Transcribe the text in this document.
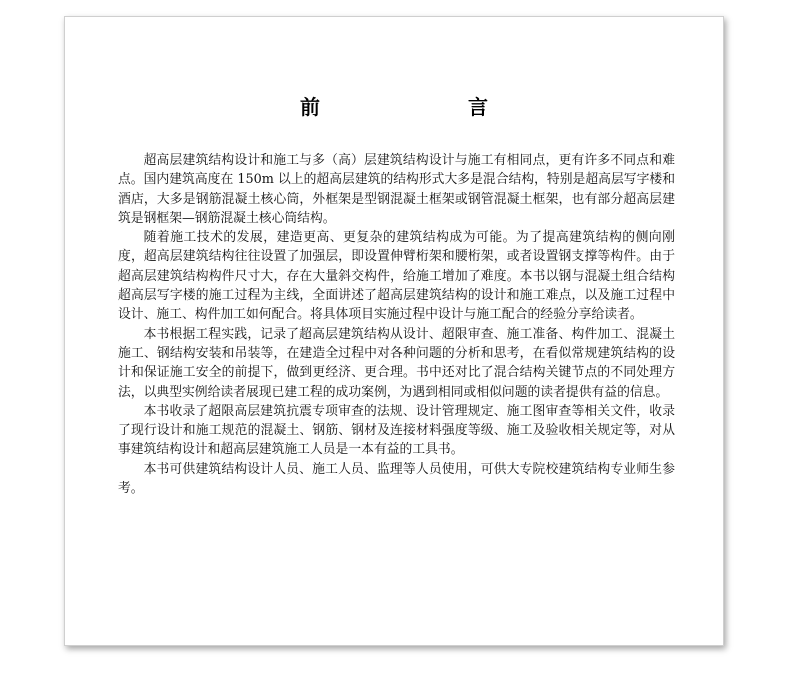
前　　言

超高层建筑结构设计和施工与多（高）层建筑结构设计与施工有相同点，更有许多不同点和难点。国内建筑高度在 150m 以上的超高层建筑的结构形式大多是混合结构，特别是超高层写字楼和酒店，大多是钢筋混凝土核心筒，外框架是型钢混凝土框架或钢管混凝土框架，也有部分超高层建筑是钢框架—钢筋混凝土核心筒结构。

随着施工技术的发展，建造更高、更复杂的建筑结构成为可能。为了提高建筑结构的侧向刚度，超高层建筑结构往往设置了加强层，即设置伸臂桁架和腰桁架，或者设置钢支撑等构件。由于超高层建筑结构构件尺寸大，存在大量斜交构件，给施工增加了难度。本书以钢与混凝土组合结构超高层写字楼的施工过程为主线，全面讲述了超高层建筑结构的设计和施工难点，以及施工过程中设计、施工、构件加工如何配合。将具体项目实施过程中设计与施工配合的经验分享给读者。

本书根据工程实践，记录了超高层建筑结构从设计、超限审查、施工准备、构件加工、混凝土施工、钢结构安装和吊装等，在建造全过程中对各种问题的分析和思考，在看似常规建筑结构的设计和保证施工安全的前提下，做到更经济、更合理。书中还对比了混合结构关键节点的不同处理方法，以典型实例给读者展现已建工程的成功案例，为遇到相同或相似问题的读者提供有益的信息。

本书收录了超限高层建筑抗震专项审查的法规、设计管理规定、施工图审查等相关文件，收录了现行设计和施工规范的混凝土、钢筋、钢材及连接材料强度等级、施工及验收相关规定等，对从事建筑结构设计和超高层建筑施工人员是一本有益的工具书。

本书可供建筑结构设计人员、施工人员、监理等人员使用，可供大专院校建筑结构专业师生参考。
